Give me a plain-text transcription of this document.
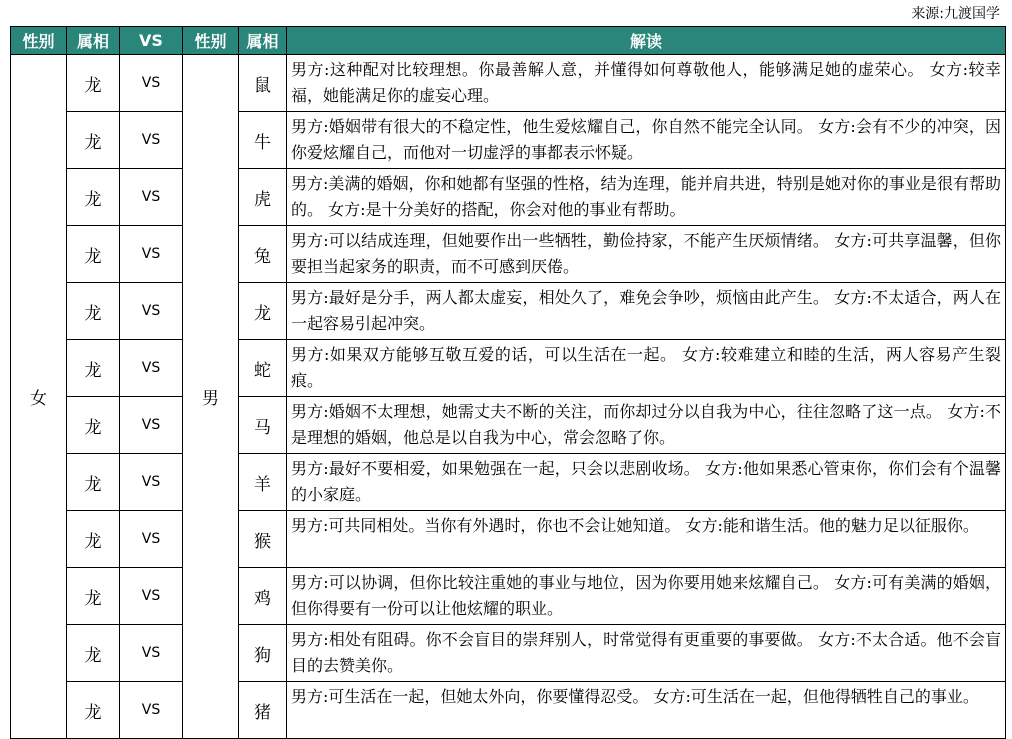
来源:九渡国学
性别	属相	VS	性别	属相	解读
女	龙	VS	男	鼠	男方:这种配对比较理想。你最善解人意，并懂得如何尊敬他人，能够满足她的虚荣心。 女方:较幸福，她能满足你的虚妄心理。
	龙	VS		牛	男方:婚姻带有很大的不稳定性，他生爱炫耀自己，你自然不能完全认同。 女方:会有不少的冲突，因你爱炫耀自己，而他对一切虚浮的事都表示怀疑。
	龙	VS		虎	男方:美满的婚姻，你和她都有坚强的性格，结为连理，能并肩共进，特别是她对你的事业是很有帮助的。 女方:是十分美好的搭配，你会对他的事业有帮助。
	龙	VS		兔	男方:可以结成连理，但她要作出一些牺牲，勤俭持家，不能产生厌烦情绪。 女方:可共享温馨，但你要担当起家务的职责，而不可感到厌倦。
	龙	VS		龙	男方:最好是分手，两人都太虚妄，相处久了，难免会争吵，烦恼由此产生。 女方:不太适合，两人在一起容易引起冲突。
	龙	VS		蛇	男方:如果双方能够互敬互爱的话，可以生活在一起。 女方:较难建立和睦的生活，两人容易产生裂痕。
	龙	VS		马	男方:婚姻不太理想，她需丈夫不断的关注，而你却过分以自我为中心，往往忽略了这一点。 女方:不是理想的婚姻，他总是以自我为中心，常会忽略了你。
	龙	VS		羊	男方:最好不要相爱，如果勉强在一起，只会以悲剧收场。 女方:他如果悉心管束你，你们会有个温馨的小家庭。
	龙	VS		猴	男方:可共同相处。当你有外遇时，你也不会让她知道。 女方:能和谐生活。他的魅力足以征服你。
	龙	VS		鸡	男方:可以协调，但你比较注重她的事业与地位，因为你要用她来炫耀自己。 女方:可有美满的婚姻，但你得要有一份可以让他炫耀的职业。
	龙	VS		狗	男方:相处有阻碍。你不会盲目的崇拜别人，时常觉得有更重要的事要做。 女方:不太合适。他不会盲目的去赞美你。
	龙	VS		猪	男方:可生活在一起，但她太外向，你要懂得忍受。 女方:可生活在一起，但他得牺牲自己的事业。
